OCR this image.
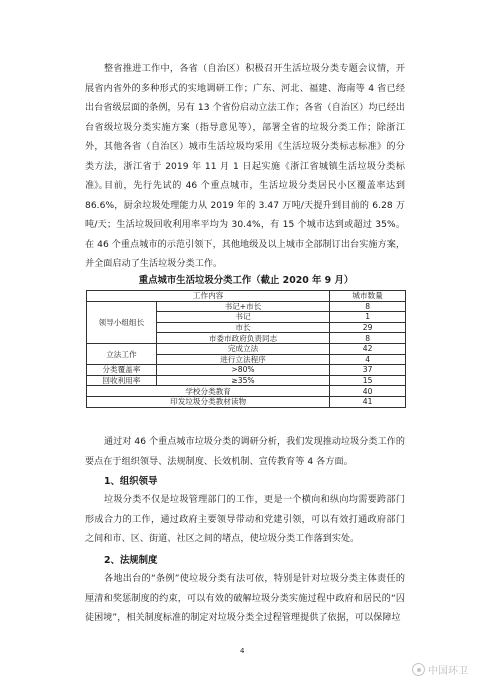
整省推进工作中，各省（自治区）积极召开生活垃圾分类专题会议情，开展省内省外的多种形式的实地调研工作；广东、河北、福建、海南等 4 省已经出台省级层面的条例，另有 13 个省份启动立法工作；各省（自治区）均已经出台省级垃圾分类实施方案（指导意见等），部署全省的垃圾分类工作；除浙江外，其他各省（自治区）城市生活垃圾均采用《生活垃圾分类标志标准》的分类方法，浙江省于 2019 年 11 月 1 日起实施《浙江省城镇生活垃圾分类标准》。

目前，先行先试的 46 个重点城市，生活垃圾分类居民小区覆盖率达到 86.6%，厨余垃圾处理能力从 2019 年的 3.47 万吨/天提升到目前的 6.28 万吨/天；生活垃圾回收利用率平均为 30.4%，有 15 个城市达到或超过 35%。在 46 个重点城市的示范引领下，其他地级及以上城市全部制订出台实施方案，并全面启动了生活垃圾分类工作。

重点城市生活垃圾分类工作（截止 2020 年 9 月）
工作内容		城市数量
领导小组组长	书记+市长	8
	书记	1
	市长	29
	市委市政府负责同志	8
立法工作	完成立法	42
	进行立法程序	4
分类覆盖率	>80%	37
回收利用率	≥35%	15
学校分类教育		40
印发垃圾分类教材读物		41

通过对 46 个重点城市垃圾分类的调研分析，我们发现推动垃圾分类工作的要点在于组织领导、法规制度、长效机制、宣传教育等 4 各方面。

1、组织领导

垃圾分类不仅是垃圾管理部门的工作，更是一个横向和纵向均需要跨部门形成合力的工作，通过政府主要领导带动和党建引领，可以有效打通政府部门之间和市、区、街道、社区之间的堵点，使垃圾分类工作落到实处。

2、法规制度

各地出台的“条例”使垃圾分类有法可依，特别是针对垃圾分类主体责任的厘清和奖惩制度的约束，可以有效的破解垃圾分类实施过程中政府和居民的“囚徒困境”，相关制度标准的制定对垃圾分类全过程管理提供了依据，可以保障垃

4
中国环卫
